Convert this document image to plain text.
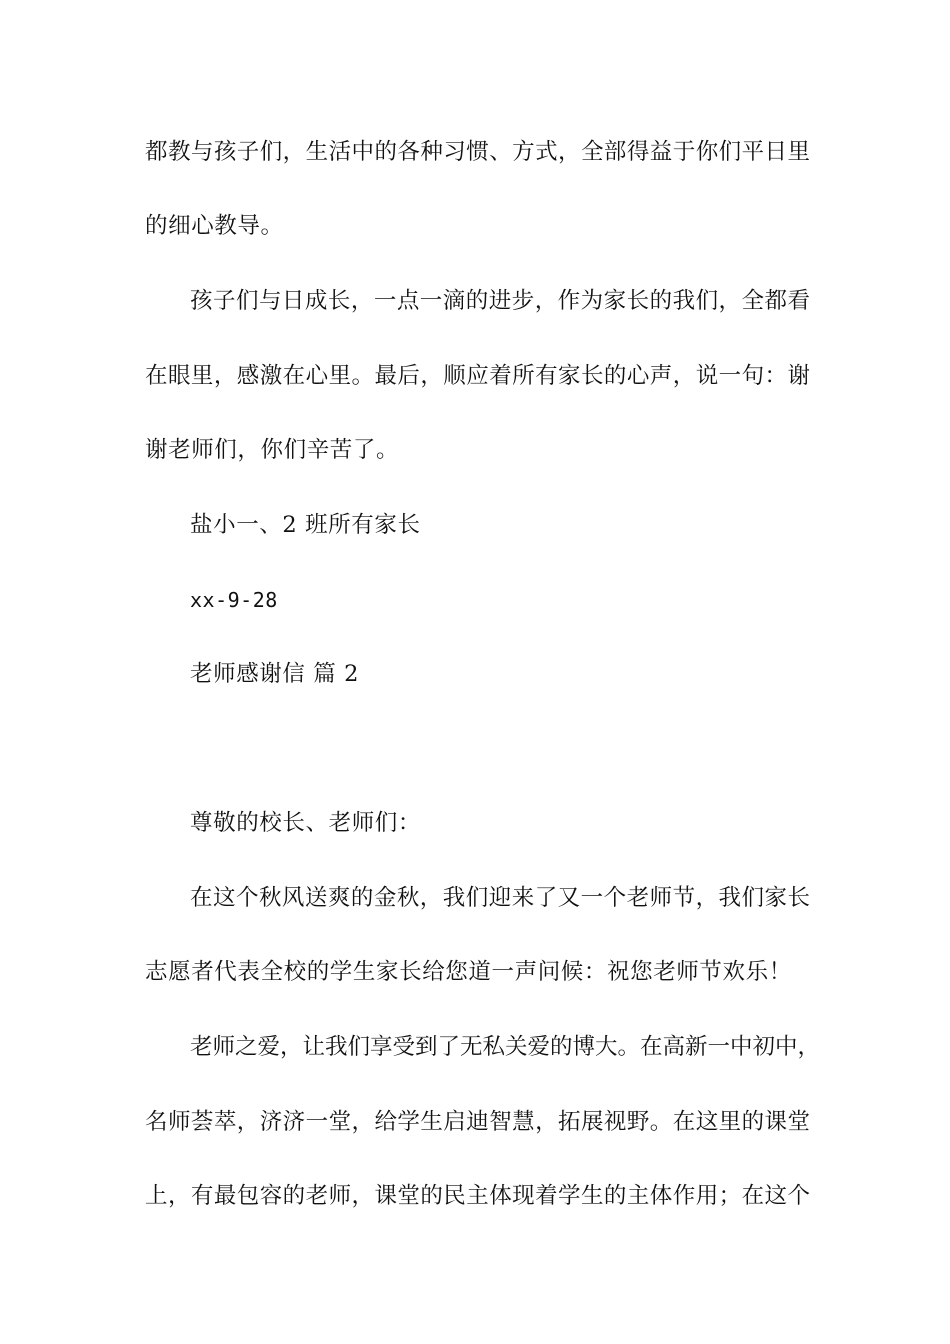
都教与孩子们，生活中的各种习惯、方式，全部得益于你们平日里
的细心教导。
孩子们与日成长，一点一滴的进步，作为家长的我们，全都看
在眼里，感激在心里。最后，顺应着所有家长的心声，说一句：谢
谢老师们，你们辛苦了。
盐小一、2 班所有家长
xx-9-28
老师感谢信 篇 2
尊敬的校长、老师们：
在这个秋风送爽的金秋，我们迎来了又一个老师节，我们家长
志愿者代表全校的学生家长给您道一声问候：祝您老师节欢乐！
老师之爱，让我们享受到了无私关爱的博大。在高新一中初中，
名师荟萃，济济一堂，给学生启迪智慧，拓展视野。在这里的课堂
上，有最包容的老师，课堂的民主体现着学生的主体作用；在这个
